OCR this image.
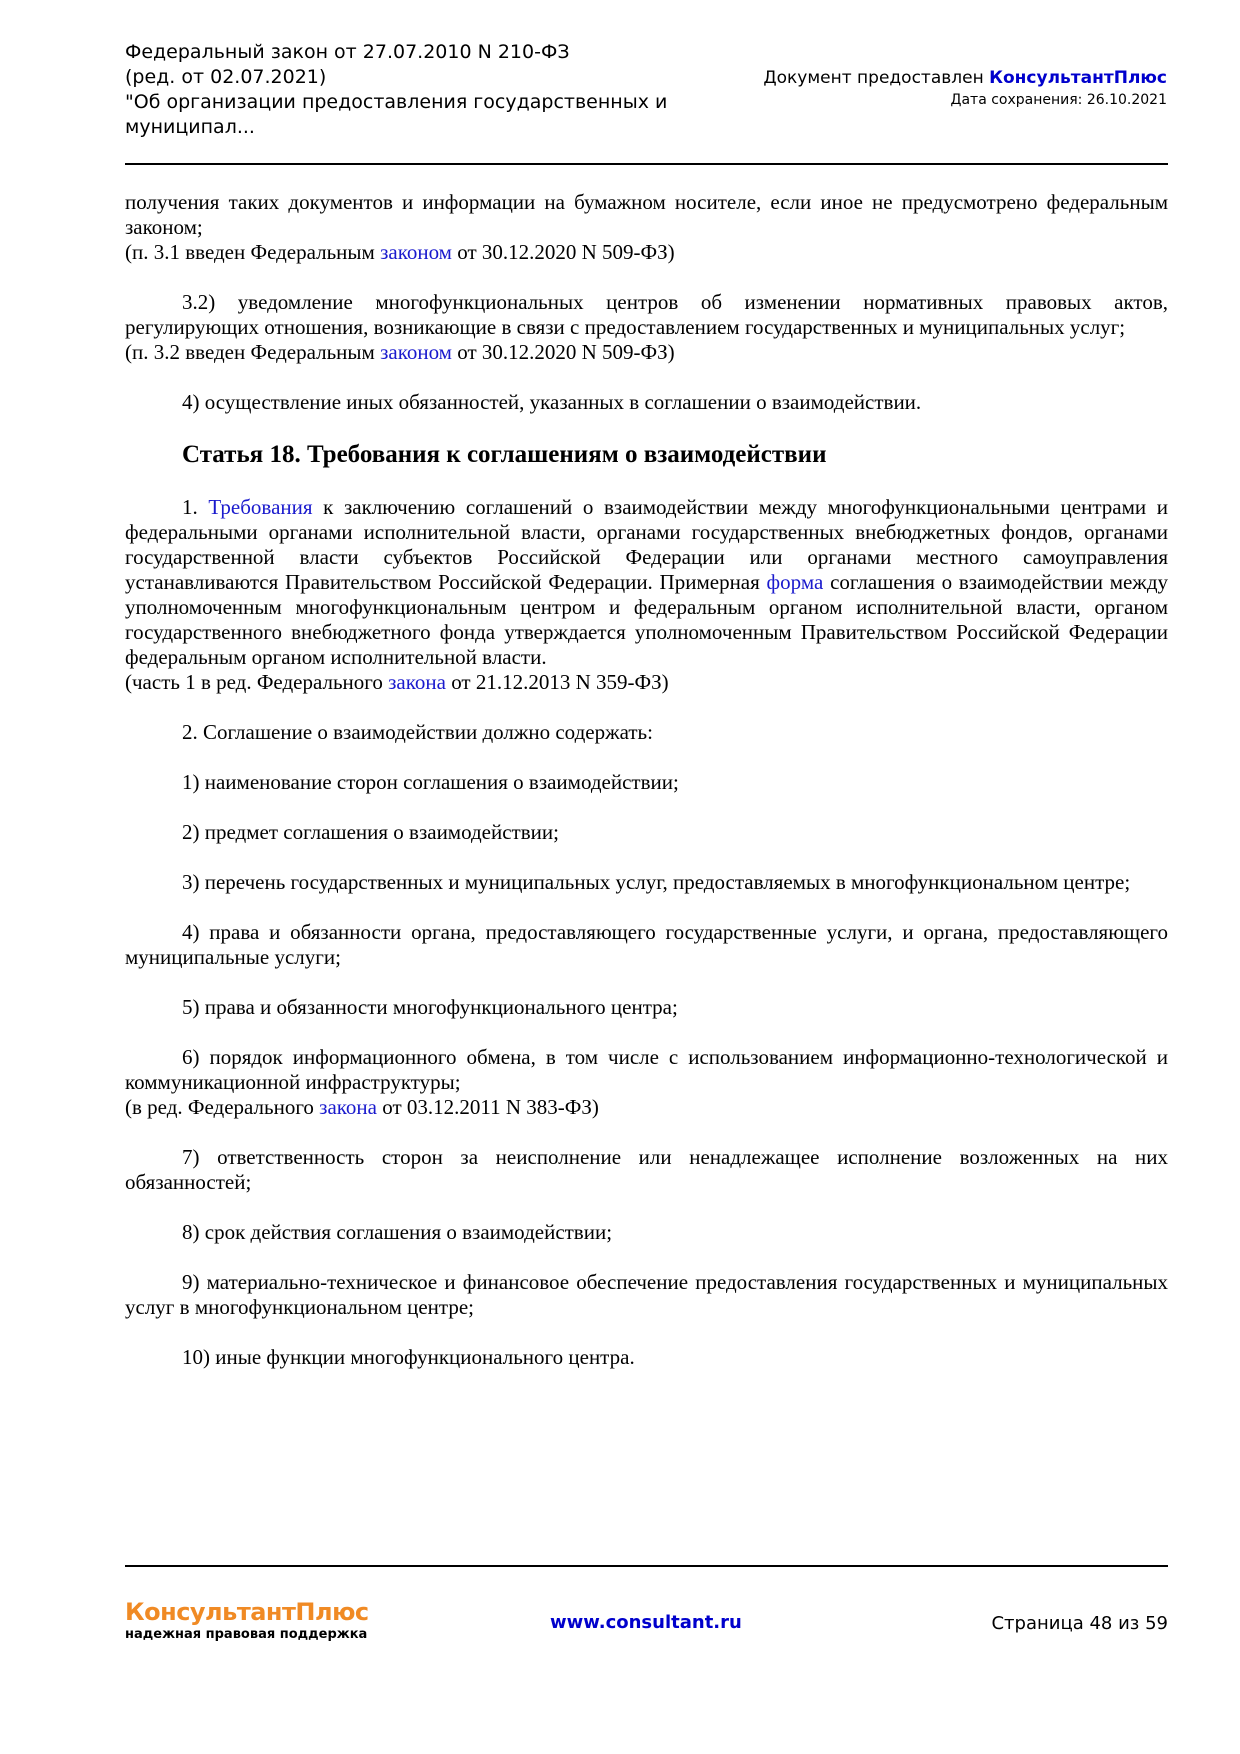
Федеральный закон от 27.07.2010 N 210-ФЗ
(ред. от 02.07.2021)
"Об организации предоставления государственных и
муниципал...
Документ предоставлен КонсультантПлюс
Дата сохранения: 26.10.2021

получения таких документов и информации на бумажном носителе, если иное не предусмотрено федеральным законом;

(п. 3.1 введен Федеральным законом от 30.12.2020 N 509-ФЗ)

3.2) уведомление многофункциональных центров об изменении нормативных правовых актов, регулирующих отношения, возникающие в связи с предоставлением государственных и муниципальных услуг;

(п. 3.2 введен Федеральным законом от 30.12.2020 N 509-ФЗ)

4) осуществление иных обязанностей, указанных в соглашении о взаимодействии.

Статья 18. Требования к соглашениям о взаимодействии

1. Требования к заключению соглашений о взаимодействии между многофункциональными центрами и федеральными органами исполнительной власти, органами государственных внебюджетных фондов, органами государственной власти субъектов Российской Федерации или органами местного самоуправления устанавливаются Правительством Российской Федерации. Примерная форма соглашения о взаимодействии между уполномоченным многофункциональным центром и федеральным органом исполнительной власти, органом государственного внебюджетного фонда утверждается уполномоченным Правительством Российской Федерации федеральным органом исполнительной власти.

(часть 1 в ред. Федерального закона от 21.12.2013 N 359-ФЗ)

2. Соглашение о взаимодействии должно содержать:

1) наименование сторон соглашения о взаимодействии;

2) предмет соглашения о взаимодействии;

3) перечень государственных и муниципальных услуг, предоставляемых в многофункциональном центре;

4) права и обязанности органа, предоставляющего государственные услуги, и органа, предоставляющего муниципальные услуги;

5) права и обязанности многофункционального центра;

6) порядок информационного обмена, в том числе с использованием информационно-технологической и коммуникационной инфраструктуры;

(в ред. Федерального закона от 03.12.2011 N 383-ФЗ)

7) ответственность сторон за неисполнение или ненадлежащее исполнение возложенных на них обязанностей;

8) срок действия соглашения о взаимодействии;

9) материально-техническое и финансовое обеспечение предоставления государственных и муниципальных услуг в многофункциональном центре;

10) иные функции многофункционального центра.

КонсультантПлюс
надежная правовая поддержка
www.consultant.ru	Страница 48 из 59
